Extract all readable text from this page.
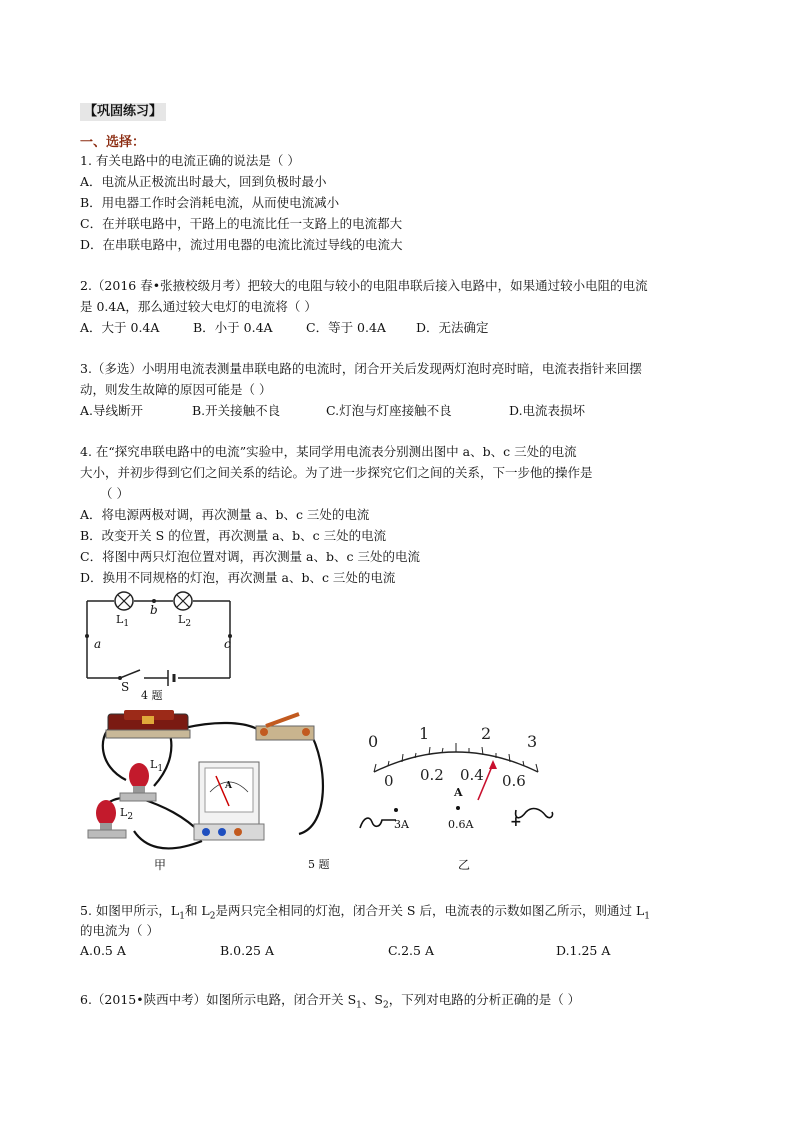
【巩固练习】
一、选择：
1. 有关电路中的电流正确的说法是（ ）
A．电流从正极流出时最大，回到负极时最小
B．用电器工作时会消耗电流，从而使电流减小
C．在并联电路中，干路上的电流比任一支路上的电流都大
D．在串联电路中，流过用电器的电流比流过导线的电流大
2.（2016 春•张掖校级月考）把较大的电阻与较小的电阻串联后接入电路中，如果通过较小电阻的电流
是 0.4A，那么通过较大电灯的电流将（ ）
A．大于 0.4A	B．小于 0.4A	C．等于 0.4A D．无法确定
3.（多选）小明用电流表测量串联电路的电流时，闭合开关后发现两灯泡时亮时暗，电流表指针来回摆
动，则发生故障的原因可能是（ ）
A.导线断开	B.开关接触不良	C.灯泡与灯座接触不良	D.电流表损坏
4. 在“探究串联电路中的电流”实验中，某同学用电流表分别测出图中 a、b、c 三处的电流
大小，并初步得到它们之间关系的结论。为了进一步探究它们之间的关系，下一步他的操作是
（ ）
A．将电源两极对调，再次测量 a、b、c 三处的电流
B．改变开关 S 的位置，再次测量 a、b、c 三处的电流
C．将图中两只灯泡位置对调，再次测量 a、b、c 三处的电流
D．换用不同规格的灯泡，再次测量 a、b、c 三处的电流
$L_1$	$L_2$
b
a	c
S
4 题
$L_1$
$L_2$
A
甲	5 题
0	1	2 3
0 0.2 0.4 0.6
A
3A	0.6A	+
乙
5. 如图甲所示，$L_1$和 $L_2$是两只完全相同的灯泡，闭合开关 S 后，电流表的示数如图乙所示，则通过 $L_1$
的电流为（ ）
A.0.5 A	B.0.25 A	C.2.5 A	D.1.25 A
6.（2015•陕西中考）如图所示电路，闭合开关 $S_1$、$S_2$，下列对电路的分析正确的是（ ）
